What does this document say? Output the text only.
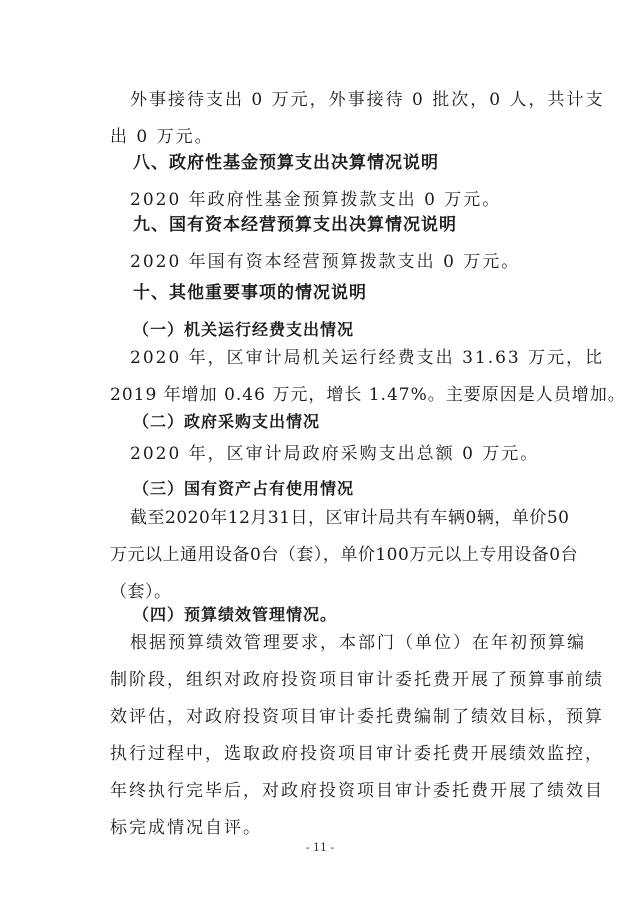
外事接待支出 0 万元，外事接待 0 批次，0 人，共计支
出 0 万元。
八、政府性基金预算支出决算情况说明
2020 年政府性基金预算拨款支出 0 万元。
九、国有资本经营预算支出决算情况说明
2020 年国有资本经营预算拨款支出 0 万元。
十、其他重要事项的情况说明
（一）机关运行经费支出情况
2020 年，区审计局机关运行经费支出 31.63 万元，比
2019 年增加 0.46 万元，增长 1.47%。主要原因是人员增加。
（二）政府采购支出情况
2020 年，区审计局政府采购支出总额 0 万元。
（三）国有资产占有使用情况
截至2020年12月31日，区审计局共有车辆0辆，单价50
万元以上通用设备0台（套），单价100万元以上专用设备0台
（套）。
（四）预算绩效管理情况。
根据预算绩效管理要求，本部门（单位）在年初预算编
制阶段，组织对政府投资项目审计委托费开展了预算事前绩
效评估，对政府投资项目审计委托费编制了绩效目标，预算
执行过程中，选取政府投资项目审计委托费开展绩效监控，
年终执行完毕后，对政府投资项目审计委托费开展了绩效目
标完成情况自评。
- 11 -
